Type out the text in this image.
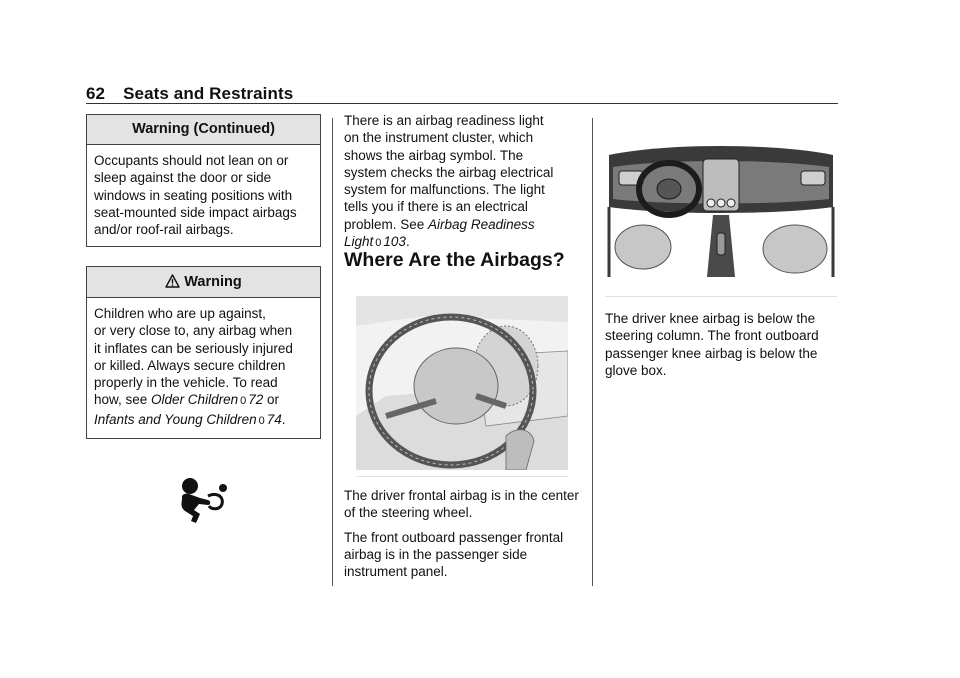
62 Seats and Restraints
Warning (Continued)
Occupants should not lean on or sleep against the door or side windows in seating positions with seat-mounted side impact airbags and/or roof-rail airbags.
Warning
Children who are up against,
or very close to, any airbag when
it inflates can be seriously injured
or killed. Always secure children
properly in the vehicle. To read
how, see Older Children 0 72 or
Infants and Young Children 0 74.
There is an airbag readiness light
on the instrument cluster, which
shows the airbag symbol. The
system checks the airbag electrical
system for malfunctions. The light
tells you if there is an electrical
problem. See Airbag Readiness
Light 0 103.
Where Are the Airbags?

The driver frontal airbag is in the center of the steering wheel.

The front outboard passenger frontal airbag is in the passenger side instrument panel.

The driver knee airbag is below the steering column. The front outboard passenger knee airbag is below the glove box.
